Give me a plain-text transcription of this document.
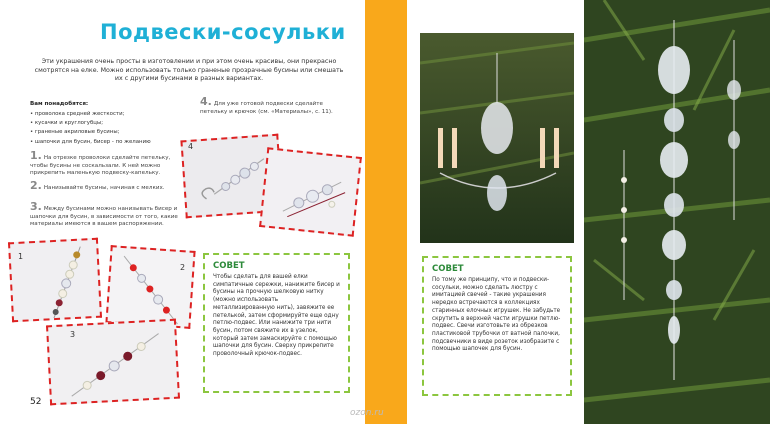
Подвески-сосульки
Эти украшения очень просты в изготовлении и при этом очень красивы, они прекрасно смотрятся на елке. Можно использовать только граненые прозрачные бусины или смешать их с другими бусинами в разных вариантах.
Вам понадобятся:
• проволока средней жесткости;
• кусачки и круглогубцы;
• граненые акриловые бусины;
• шапочки для бусин, бисер - по желанию
1. На отрезке проволоки сделайте петельку, чтобы бусины не соскальзали. К ней можно прикрепить маленькую подвеску-капельку.
2. Нанизывайте бусины, начиная с мелких.
3. Между бусинами можно нанизывать бисер и шапочки для бусин, в зависимости от того, какие материалы имеются в вашем распоряжении.
4. Для уже готовой подвески сделайте петельку и крючок (см. «Материалы», с. 11).
1
2
3
4
СОВЕТ
Чтобы сделать для вашей елки симпатичные сережки, нанижите бисер и бусины на прочную шелковую нитку (можно использовать металлизированную нить), завяжите ее петелькой, затем сформируйте еще одну петлю-подвес. Или нанижите три нити бусин, потом свяжите их в узелок, который затем замаскируйте с помощью шапочки для бусин. Сверху прикрепите проволочный крючок-подвес.
52
СОВЕТ
По тому же принципу, что и подвески-сосульки, можно сделать люстру с имитацией свечей - такие украшения нередко встречаются в коллекциях старинных елочных игрушек. Не забудьте скрутить в верхней части игрушки петлю-подвес. Свечи изготовьте из обрезков пластиковой трубочки от ватной палочки, подсвечники в виде розеток изобразите с помощью шапочек для бусин.
ozon.ru
